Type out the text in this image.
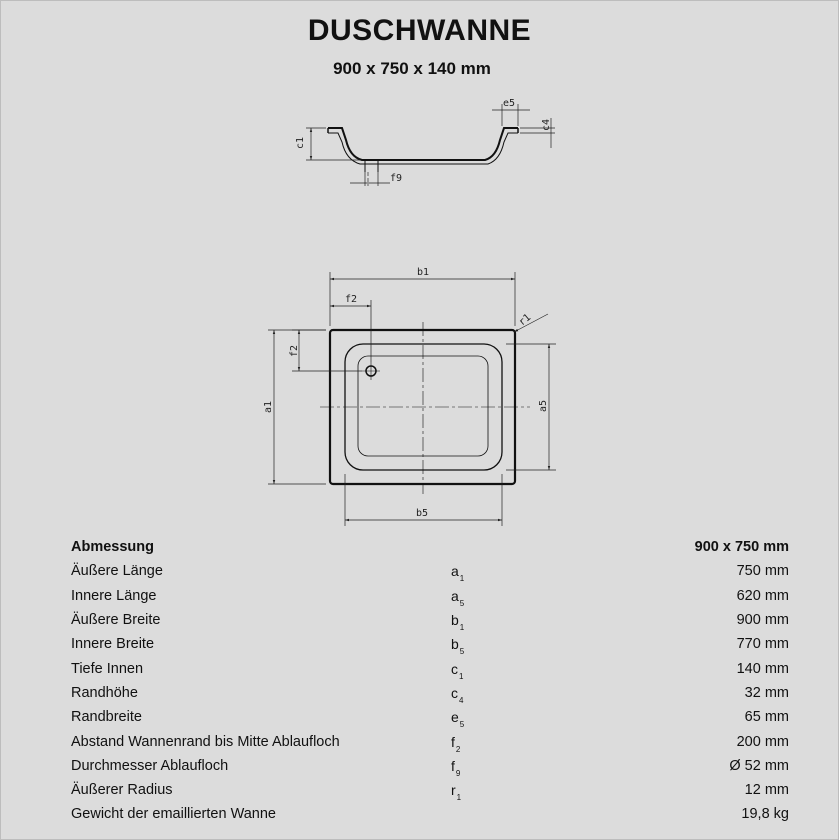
DUSCHWANNE
900 x 750 x 140 mm
c1
e5
c4
f9
b1
f2
f2
r1
a1	a5
b5
Abmessung		900 x 750 mm
Äußere Länge	$a_1$	750 mm
Innere Länge	$a_5$	620 mm
Äußere Breite	$b_1$	900 mm
Innere Breite	$b_5$	770 mm
Tiefe Innen	$c_1$	140 mm
Randhöhe	$c_4$	32 mm
Randbreite	$e_5$	65 mm
Abstand Wannenrand bis Mitte Ablaufloch	$f_2$	200 mm
Durchmesser Ablaufloch	$f_9$	Ø 52 mm
Äußerer Radius	$r_1$	12 mm
Gewicht der emaillierten Wanne		19,8 kg
